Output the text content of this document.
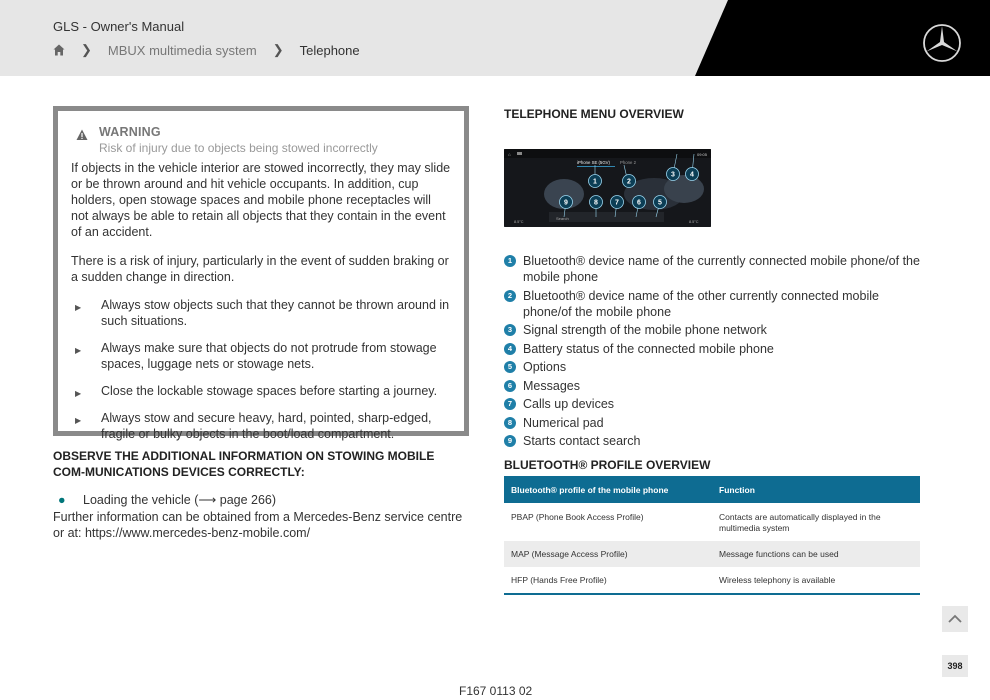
GLS - Owner's Manual
❯ MBUX multimedia system ❯ Telephone
WARNING
Risk of injury due to objects being stowed incorrectly

If objects in the vehicle interior are stowed incorrectly, they may slide or be thrown around and hit vehicle occupants. In addition, cup holders, open stowage spaces and mobile phone receptacles will not always be able to retain all objects that they contain in the event of an accident.

There is a risk of injury, particularly in the event of sudden braking or a sudden change in direction.

▶ Always stow objects such that they cannot be thrown around in such situations.
▶ Always make sure that objects do not protrude from stowage spaces, luggage nets or stowage nets.
▶ Close the lockable stowage spaces before starting a journey.
▶ Always stow and secure heavy, hard, pointed, sharp-edged, fragile or bulky objects in the boot/load compartment.
OBSERVE THE ADDITIONAL INFORMATION ON STOWING MOBILE COM-MUNICATIONS DEVICES CORRECTLY:
● Loading the vehicle (⟶ page 266)

Further information can be obtained from a Mercedes-Benz service centre or at: https://www.mercedes-benz-mobile.com/

TELEPHONE MENU OVERVIEW
⌂	09:05
iPhone SE (5GV) Phone 2
Search
8.5°C	8.5°C
1	2
3 4
9	8 7	6 5
1 Bluetooth® device name of the currently connected mobile phone/of the mobile phone
2 Bluetooth® device name of the other currently connected mobile phone/of the mobile phone
3 Signal strength of the mobile phone network
4 Battery status of the connected mobile phone
5 Options
6 Messages
7 Calls up devices
8 Numerical pad
9 Starts contact search
BLUETOOTH® PROFILE OVERVIEW
Bluetooth® profile of the mobile phone	Function
PBAP (Phone Book Access Profile)	Contacts are automatically displayed in the multimedia system
MAP (Message Access Profile)	Message functions can be used
HFP (Hands Free Profile)	Wireless telephony is available
398
F167 0113 02
